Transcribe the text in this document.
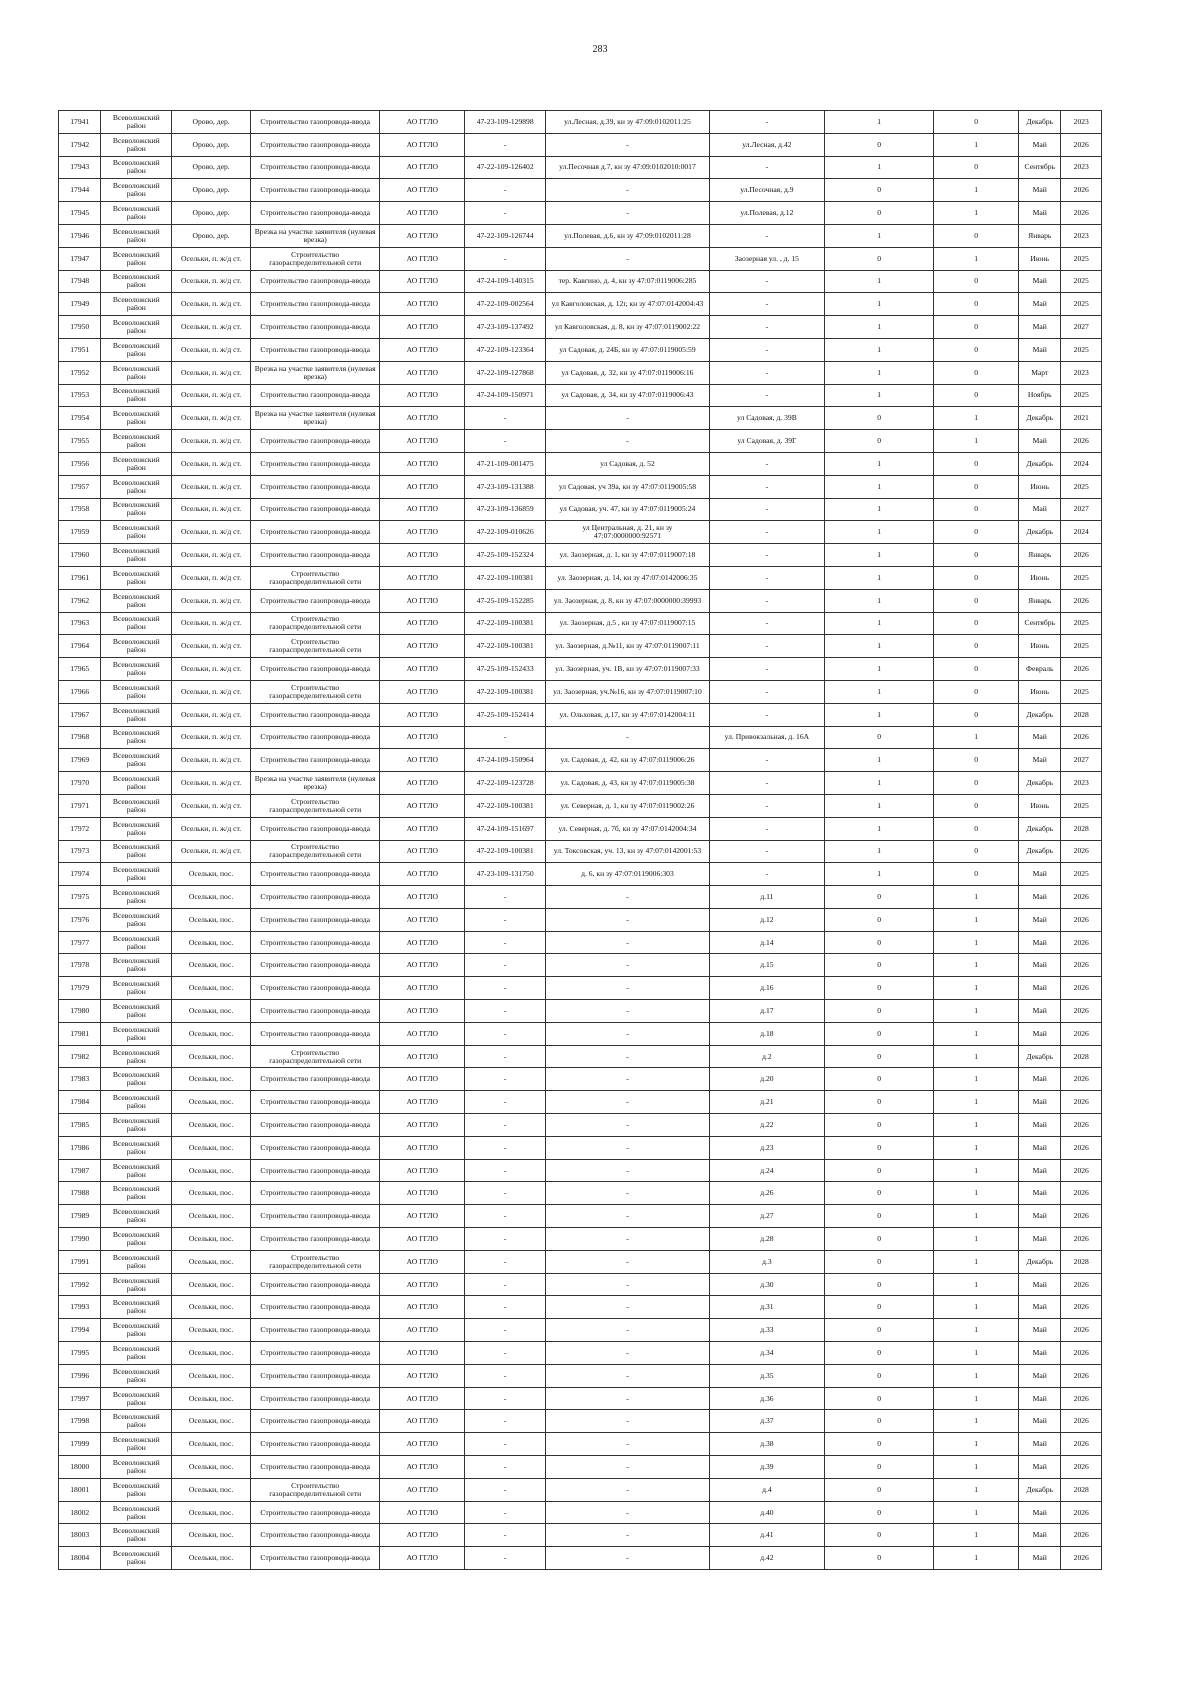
283
17941	Всеволожский район	Орово, дер.	Строительство газопровода-ввода	АО ГГЛО	47-23-109-129898	ул.Лесная, д.39, кн зу 47:09:0102011:25	-	1	0	Декабрь	2023
17942	Всеволожский район	Орово, дер.	Строительство газопровода-ввода	АО ГГЛО	-	-	ул.Лесная, д.42	0	1	Май	2026
17943	Всеволожский район	Орово, дер.	Строительство газопровода-ввода	АО ГГЛО	47-22-109-126402	ул.Песочная д.7, кн зу 47:09:0102010:0017	-	1	0	Сентябрь	2023
17944	Всеволожский район	Орово, дер.	Строительство газопровода-ввода	АО ГГЛО	-	-	ул.Песочная, д.9	0	1	Май	2026
17945	Всеволожский район	Орово, дер.	Строительство газопровода-ввода	АО ГГЛО	-	-	ул.Полевая, д.12	0	1	Май	2026
17946	Всеволожский район	Орово, дер.	Врезка на участке заявителя (нулевая врезка)	АО ГГЛО	47-22-109-126744	ул.Полевая, д.6, кн зу 47:09:0102011:28	-	1	0	Январь	2023
17947	Всеволожский район	Осельки, п. ж/д ст.	Строительство газораспределительной сети	АО ГГЛО	-	-	Заозерная ул. , д. 15	0	1	Июнь	2025
17948	Всеволожский район	Осельки, п. ж/д ст.	Строительство газопровода-ввода	АО ГГЛО	47-24-109-140315	тер. Кавгино, д. 4, кн зу 47:07:0119006:285	-	1	0	Май	2025
17949	Всеволожский район	Осельки, п. ж/д ст.	Строительство газопровода-ввода	АО ГГЛО	47-22-109-002564	ул Кавголовская, д. 12г, кн зу 47:07:0142004:43	-	1	0	Май	2025
17950	Всеволожский район	Осельки, п. ж/д ст.	Строительство газопровода-ввода	АО ГГЛО	47-23-109-137492	ул Кавголовская, д. 8, кн зу 47:07:0119002:22	-	1	0	Май	2027
17951	Всеволожский район	Осельки, п. ж/д ст.	Строительство газопровода-ввода	АО ГГЛО	47-22-109-123364	ул Садовая, д. 24Б, кн зу 47:07:0119005:59	-	1	0	Май	2025
17952	Всеволожский район	Осельки, п. ж/д ст.	Врезка на участке заявителя (нулевая врезка)	АО ГГЛО	47-22-109-127868	ул Садовая, д. 32, кн зу 47:07:0119006:16	-	1	0	Март	2023
17953	Всеволожский район	Осельки, п. ж/д ст.	Строительство газопровода-ввода	АО ГГЛО	47-24-109-150971	ул Садовая, д. 34, кн зу 47:07:0119006:43	-	1	0	Ноябрь	2025
17954	Всеволожский район	Осельки, п. ж/д ст.	Врезка на участке заявителя (нулевая врезка)	АО ГГЛО	-	-	ул Садовая, д. 39В	0	1	Декабрь	2021
17955	Всеволожский район	Осельки, п. ж/д ст.	Строительство газопровода-ввода	АО ГГЛО	-	-	ул Садовая, д. 39Г	0	1	Май	2026
17956	Всеволожский район	Осельки, п. ж/д ст.	Строительство газопровода-ввода	АО ГГЛО	47-21-109-001475	ул Садовая, д. 52	-	1	0	Декабрь	2024
17957	Всеволожский район	Осельки, п. ж/д ст.	Строительство газопровода-ввода	АО ГГЛО	47-23-109-131388	ул Садовая, уч 39а, кн зу 47:07:0119005:58	-	1	0	Июнь	2025
17958	Всеволожский район	Осельки, п. ж/д ст.	Строительство газопровода-ввода	АО ГГЛО	47-23-109-136859	ул Садовая, уч. 47, кн зу 47:07:0119005:24	-	1	0	Май	2027
17959	Всеволожский район	Осельки, п. ж/д ст.	Строительство газопровода-ввода	АО ГГЛО	47-22-109-010626	ул Центральная, д. 21, кн зу 47:07:0000000:92571	-	1	0	Декабрь	2024
17960	Всеволожский район	Осельки, п. ж/д ст.	Строительство газопровода-ввода	АО ГГЛО	47-25-109-152324	ул. Заозерная, д. 1, кн зу 47:07:0119007:18	-	1	0	Январь	2026
17961	Всеволожский район	Осельки, п. ж/д ст.	Строительство газораспределительной сети	АО ГГЛО	47-22-109-100381	ул. Заозерная, д. 14, кн зу 47:07:0142006:35	-	1	0	Июнь	2025
17962	Всеволожский район	Осельки, п. ж/д ст.	Строительство газопровода-ввода	АО ГГЛО	47-25-109-152285	ул. Заозерная, д. 8, кн зу 47:07:0000000:39993	-	1	0	Январь	2026
17963	Всеволожский район	Осельки, п. ж/д ст.	Строительство газораспределительной сети	АО ГГЛО	47-22-109-100381	ул. Заозерная, д.5 , кн зу 47:07:0119007:15	-	1	0	Сентябрь	2025
17964	Всеволожский район	Осельки, п. ж/д ст.	Строительство газораспределительной сети	АО ГГЛО	47-22-109-100381	ул. Заозерная, д.№11, кн зу 47:07:0119007:11	-	1	0	Июнь	2025
17965	Всеволожский район	Осельки, п. ж/д ст.	Строительство газопровода-ввода	АО ГГЛО	47-25-109-152433	ул. Заозерная, уч. 1В, кн зу 47:07:0119007:33	-	1	0	Февраль	2026
17966	Всеволожский район	Осельки, п. ж/д ст.	Строительство газораспределительной сети	АО ГГЛО	47-22-109-100381	ул. Заозерная, уч.№16, кн зу 47:07:0119007:10	-	1	0	Июнь	2025
17967	Всеволожский район	Осельки, п. ж/д ст.	Строительство газопровода-ввода	АО ГГЛО	47-25-109-152414	ул. Ольховая, д.17, кн зу 47:07:0142004:11	-	1	0	Декабрь	2028
17968	Всеволожский район	Осельки, п. ж/д ст.	Строительство газопровода-ввода	АО ГГЛО	-	-	ул. Привокзальная, д. 16А	0	1	Май	2026
17969	Всеволожский район	Осельки, п. ж/д ст.	Строительство газопровода-ввода	АО ГГЛО	47-24-109-150964	ул. Садовая, д. 42, кн зу 47:07:0119006:26	-	1	0	Май	2027
17970	Всеволожский район	Осельки, п. ж/д ст.	Врезка на участке заявителя (нулевая врезка)	АО ГГЛО	47-22-109-123728	ул. Садовая, д. 43, кн зу 47:07:0119005:38	-	1	0	Декабрь	2023
17971	Всеволожский район	Осельки, п. ж/д ст.	Строительство газораспределительной сети	АО ГГЛО	47-22-109-100381	ул. Северная, д. 1, кн зу 47:07:0119002:26	-	1	0	Июнь	2025
17972	Всеволожский район	Осельки, п. ж/д ст.	Строительство газопровода-ввода	АО ГГЛО	47-24-109-151697	ул. Северная, д. 7б, кн зу 47:07:0142004:34	-	1	0	Декабрь	2028
17973	Всеволожский район	Осельки, п. ж/д ст.	Строительство газораспределительной сети	АО ГГЛО	47-22-109-100381	ул. Токсовская, уч. 13, кн зу 47:07:0142001:53	-	1	0	Декабрь	2026
17974	Всеволожский район	Осельки, пос.	Строительство газопровода-ввода	АО ГГЛО	47-23-109-131750	д. 6, кн зу 47:07:0119006:303	-	1	0	Май	2025
17975	Всеволожский район	Осельки, пос.	Строительство газопровода-ввода	АО ГГЛО	-	-	д.11	0	1	Май	2026
17976	Всеволожский район	Осельки, пос.	Строительство газопровода-ввода	АО ГГЛО	-	-	д.12	0	1	Май	2026
17977	Всеволожский район	Осельки, пос.	Строительство газопровода-ввода	АО ГГЛО	-	-	д.14	0	1	Май	2026
17978	Всеволожский район	Осельки, пос.	Строительство газопровода-ввода	АО ГГЛО	-	-	д.15	0	1	Май	2026
17979	Всеволожский район	Осельки, пос.	Строительство газопровода-ввода	АО ГГЛО	-	-	д.16	0	1	Май	2026
17980	Всеволожский район	Осельки, пос.	Строительство газопровода-ввода	АО ГГЛО	-	-	д.17	0	1	Май	2026
17981	Всеволожский район	Осельки, пос.	Строительство газопровода-ввода	АО ГГЛО	-	-	д.18	0	1	Май	2026
17982	Всеволожский район	Осельки, пос.	Строительство газораспределительной сети	АО ГГЛО	-	-	д.2	0	1	Декабрь	2028
17983	Всеволожский район	Осельки, пос.	Строительство газопровода-ввода	АО ГГЛО	-	-	д.20	0	1	Май	2026
17984	Всеволожский район	Осельки, пос.	Строительство газопровода-ввода	АО ГГЛО	-	-	д.21	0	1	Май	2026
17985	Всеволожский район	Осельки, пос.	Строительство газопровода-ввода	АО ГГЛО	-	-	д.22	0	1	Май	2026
17986	Всеволожский район	Осельки, пос.	Строительство газопровода-ввода	АО ГГЛО	-	-	д.23	0	1	Май	2026
17987	Всеволожский район	Осельки, пос.	Строительство газопровода-ввода	АО ГГЛО	-	-	д.24	0	1	Май	2026
17988	Всеволожский район	Осельки, пос.	Строительство газопровода-ввода	АО ГГЛО	-	-	д.26	0	1	Май	2026
17989	Всеволожский район	Осельки, пос.	Строительство газопровода-ввода	АО ГГЛО	-	-	д.27	0	1	Май	2026
17990	Всеволожский район	Осельки, пос.	Строительство газопровода-ввода	АО ГГЛО	-	-	д.28	0	1	Май	2026
17991	Всеволожский район	Осельки, пос.	Строительство газораспределительной сети	АО ГГЛО	-	-	д.3	0	1	Декабрь	2028
17992	Всеволожский район	Осельки, пос.	Строительство газопровода-ввода	АО ГГЛО	-	-	д.30	0	1	Май	2026
17993	Всеволожский район	Осельки, пос.	Строительство газопровода-ввода	АО ГГЛО	-	-	д.31	0	1	Май	2026
17994	Всеволожский район	Осельки, пос.	Строительство газопровода-ввода	АО ГГЛО	-	-	д.33	0	1	Май	2026
17995	Всеволожский район	Осельки, пос.	Строительство газопровода-ввода	АО ГГЛО	-	-	д.34	0	1	Май	2026
17996	Всеволожский район	Осельки, пос.	Строительство газопровода-ввода	АО ГГЛО	-	-	д.35	0	1	Май	2026
17997	Всеволожский район	Осельки, пос.	Строительство газопровода-ввода	АО ГГЛО	-	-	д.36	0	1	Май	2026
17998	Всеволожский район	Осельки, пос.	Строительство газопровода-ввода	АО ГГЛО	-	-	д.37	0	1	Май	2026
17999	Всеволожский район	Осельки, пос.	Строительство газопровода-ввода	АО ГГЛО	-	-	д.38	0	1	Май	2026
18000	Всеволожский район	Осельки, пос.	Строительство газопровода-ввода	АО ГГЛО	-	-	д.39	0	1	Май	2026
18001	Всеволожский район	Осельки, пос.	Строительство газораспределительной сети	АО ГГЛО	-	-	д.4	0	1	Декабрь	2028
18002	Всеволожский район	Осельки, пос.	Строительство газопровода-ввода	АО ГГЛО	-	-	д.40	0	1	Май	2026
18003	Всеволожский район	Осельки, пос.	Строительство газопровода-ввода	АО ГГЛО	-	-	д.41	0	1	Май	2026
18004	Всеволожский район	Осельки, пос.	Строительство газопровода-ввода	АО ГГЛО	-	-	д.42	0	1	Май	2026
